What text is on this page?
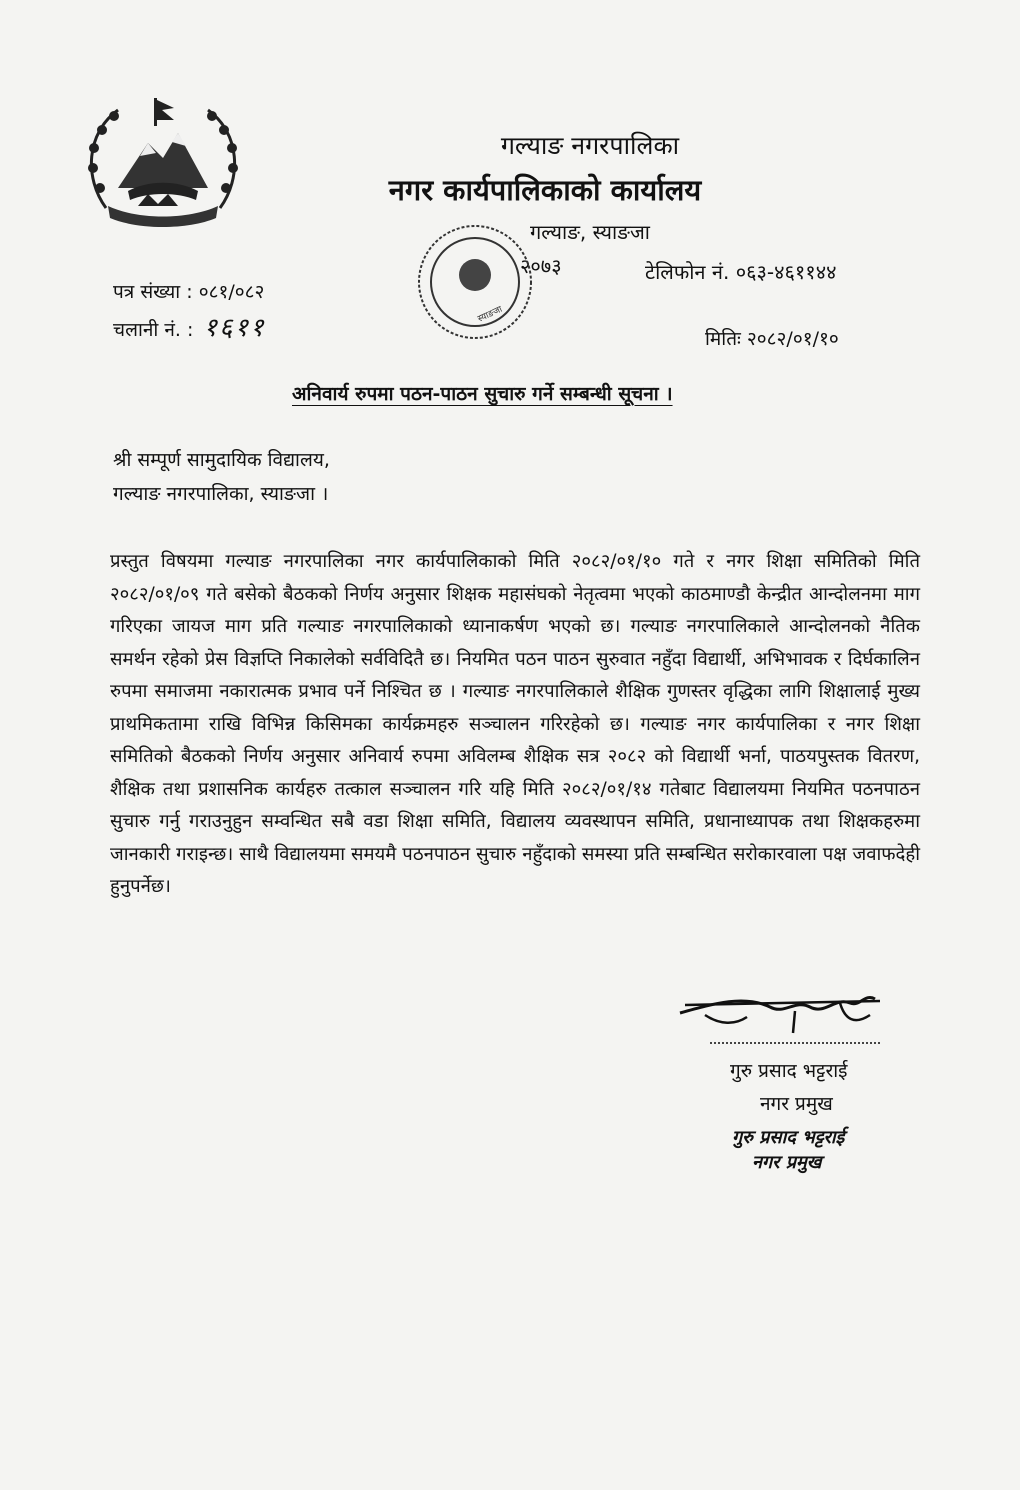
गल्याङ नगरपालिका
नगर कार्यपालिकाको कार्यालय
गल्याङ, स्याङजा
२०७३
स्याङजा
पत्र संख्या : ०८१/०८२
चलानी नं. : १६११
टेलिफोन नं. ०६३-४६११४४
मितिः २०८२/०१/१०
अनिवार्य रुपमा पठन-पाठन सुचारु गर्ने सम्बन्धी सूचना ।
श्री सम्पूर्ण सामुदायिक विद्यालय,
गल्याङ नगरपालिका, स्याङजा ।
प्रस्तुत विषयमा गल्याङ नगरपालिका नगर कार्यपालिकाको मिति २०८२/०१/१० गते र नगर शिक्षा समितिको मिति २०८२/०१/०९ गते बसेको बैठकको निर्णय अनुसार शिक्षक महासंघको नेतृत्वमा भएको काठमाण्डौ केन्द्रीत आन्दोलनमा माग गरिएका जायज माग प्रति गल्याङ नगरपालिकाको ध्यानाकर्षण भएको छ। गल्याङ नगरपालिकाले आन्दोलनको नैतिक समर्थन रहेको प्रेस विज्ञप्ति निकालेको सर्वविदितै छ। नियमित पठन पाठन सुरुवात नहुँदा विद्यार्थी, अभिभावक र दिर्घकालिन रुपमा समाजमा नकारात्मक प्रभाव पर्ने निश्चित छ । गल्याङ नगरपालिकाले शैक्षिक गुणस्तर वृद्धिका लागि शिक्षालाई मुख्य प्राथमिकतामा राखि विभिन्न किसिमका कार्यक्रमहरु सञ्चालन गरिरहेको छ। गल्याङ नगर कार्यपालिका र नगर शिक्षा समितिको बैठकको निर्णय अनुसार अनिवार्य रुपमा अविलम्ब शैक्षिक सत्र २०८२ को विद्यार्थी भर्ना, पाठयपुस्तक वितरण, शैक्षिक तथा प्रशासनिक कार्यहरु तत्काल सञ्चालन गरि यहि मिति २०८२/०१/१४ गतेबाट विद्यालयमा नियमित पठनपाठन सुचारु गर्नु गराउनुहुन सम्वन्धित सबै वडा शिक्षा समिति, विद्यालय व्यवस्थापन समिति, प्रधानाध्यापक तथा शिक्षकहरुमा जानकारी गराइन्छ। साथै विद्यालयमा समयमै पठनपाठन सुचारु नहुँदाको समस्या प्रति सम्बन्धित सरोकारवाला पक्ष जवाफदेही हुनुपर्नेछ।
गुरु प्रसाद भट्टराई
नगर प्रमुख
गुरु प्रसाद भट्टराई
नगर प्रमुख
